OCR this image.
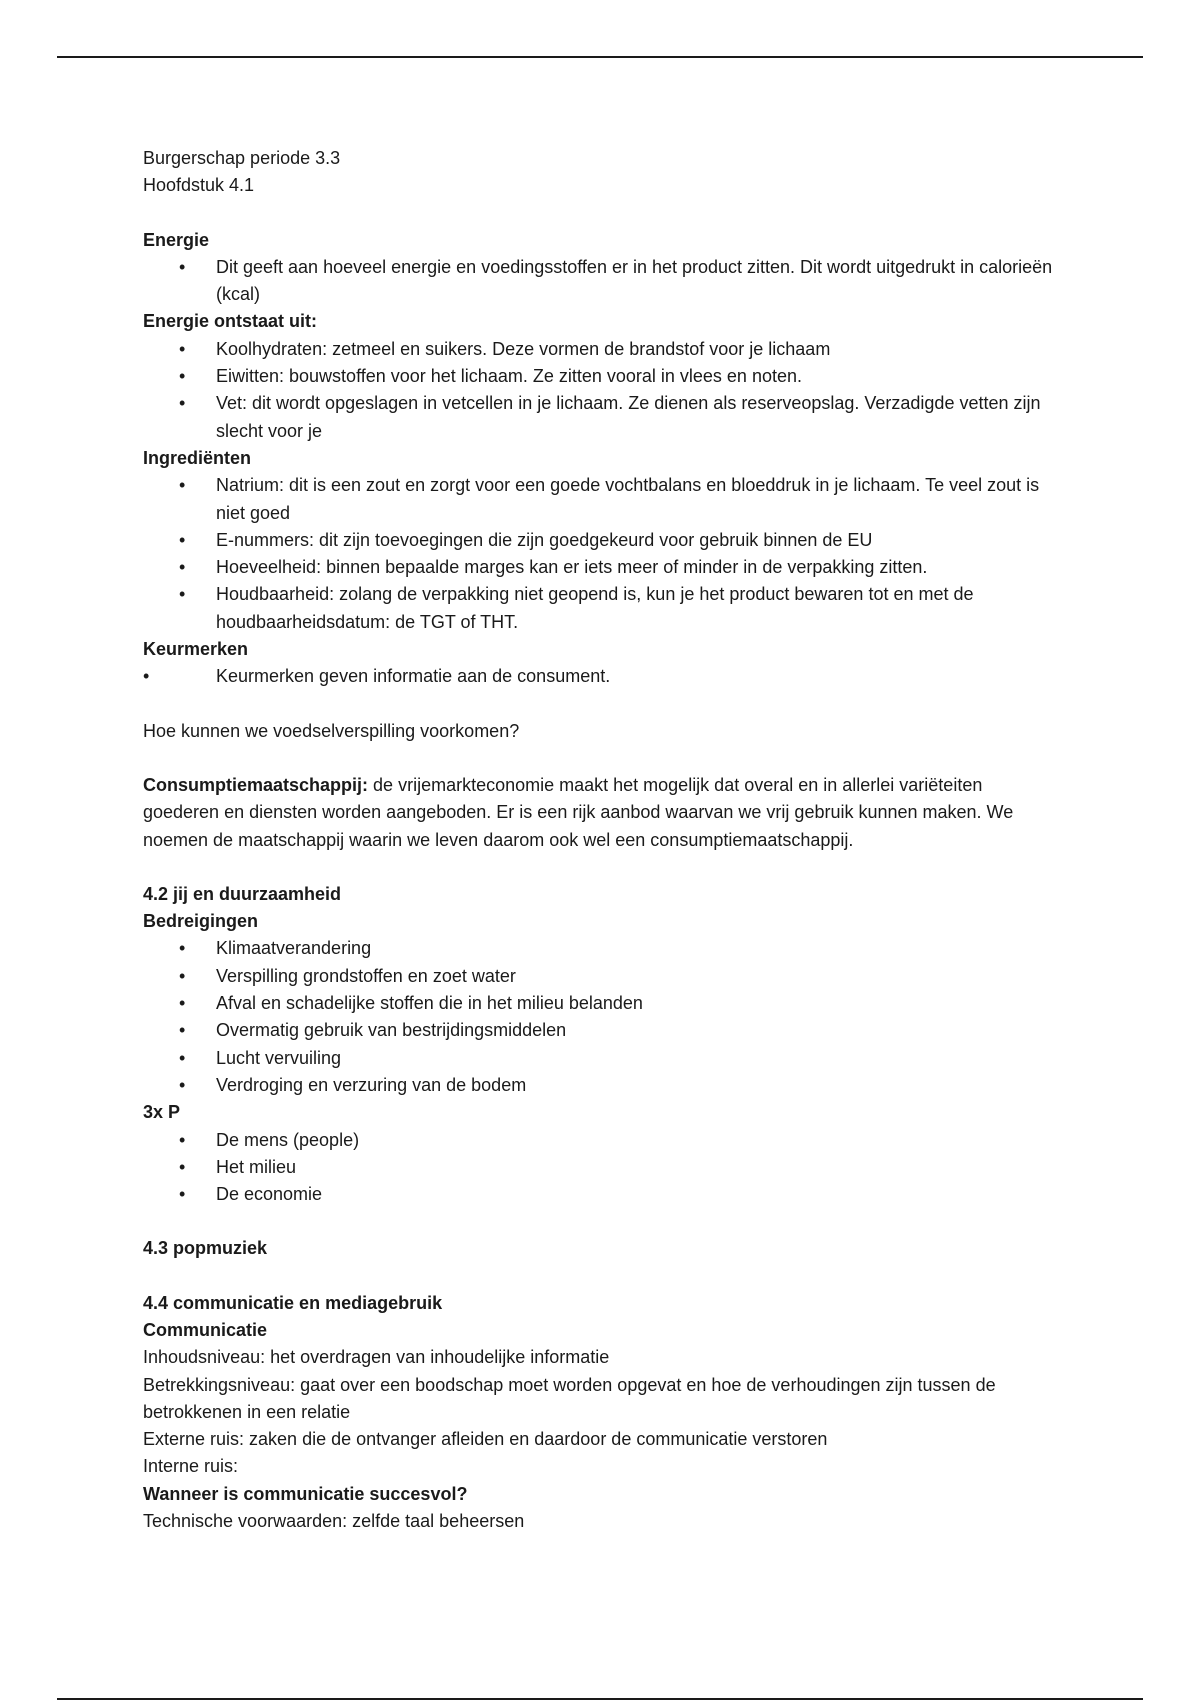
Burgerschap periode 3.3

Hoofdstuk 4.1

Energie

• Dit geeft aan hoeveel energie en voedingsstoffen er in het product zitten. Dit wordt uitgedrukt in calorieën (kcal)

Energie ontstaat uit:

• Koolhydraten: zetmeel en suikers. Deze vormen de brandstof voor je lichaam
• Eiwitten: bouwstoffen voor het lichaam. Ze zitten vooral in vlees en noten.
• Vet: dit wordt opgeslagen in vetcellen in je lichaam. Ze dienen als reserveopslag. Verzadigde vetten zijn slecht voor je

Ingrediënten

• Natrium: dit is een zout en zorgt voor een goede vochtbalans en bloeddruk in je lichaam. Te veel zout is niet goed
• E-nummers: dit zijn toevoegingen die zijn goedgekeurd voor gebruik binnen de EU
• Hoeveelheid: binnen bepaalde marges kan er iets meer of minder in de verpakking zitten.
• Houdbaarheid: zolang de verpakking niet geopend is, kun je het product bewaren tot en met de houdbaarheidsdatum: de TGT of THT.

Keurmerken

• Keurmerken geven informatie aan de consument.

Hoe kunnen we voedselverspilling voorkomen?

Consumptiemaatschappij: de vrijemarkteconomie maakt het mogelijk dat overal en in allerlei variëteiten goederen en diensten worden aangeboden. Er is een rijk aanbod waarvan we vrij gebruik kunnen maken. We noemen de maatschappij waarin we leven daarom ook wel een consumptiemaatschappij.

4.2 jij en duurzaamheid

Bedreigingen

• Klimaatverandering
• Verspilling grondstoffen en zoet water
• Afval en schadelijke stoffen die in het milieu belanden
• Overmatig gebruik van bestrijdingsmiddelen
• Lucht vervuiling
• Verdroging en verzuring van de bodem

3x P

• De mens (people)
• Het milieu
• De economie

4.3 popmuziek

4.4 communicatie en mediagebruik

Communicatie

Inhoudsniveau: het overdragen van inhoudelijke informatie

Betrekkingsniveau: gaat over een boodschap moet worden opgevat en hoe de verhoudingen zijn tussen de betrokkenen in een relatie

Externe ruis: zaken die de ontvanger afleiden en daardoor de communicatie verstoren

Interne ruis:

Wanneer is communicatie succesvol?

Technische voorwaarden: zelfde taal beheersen
